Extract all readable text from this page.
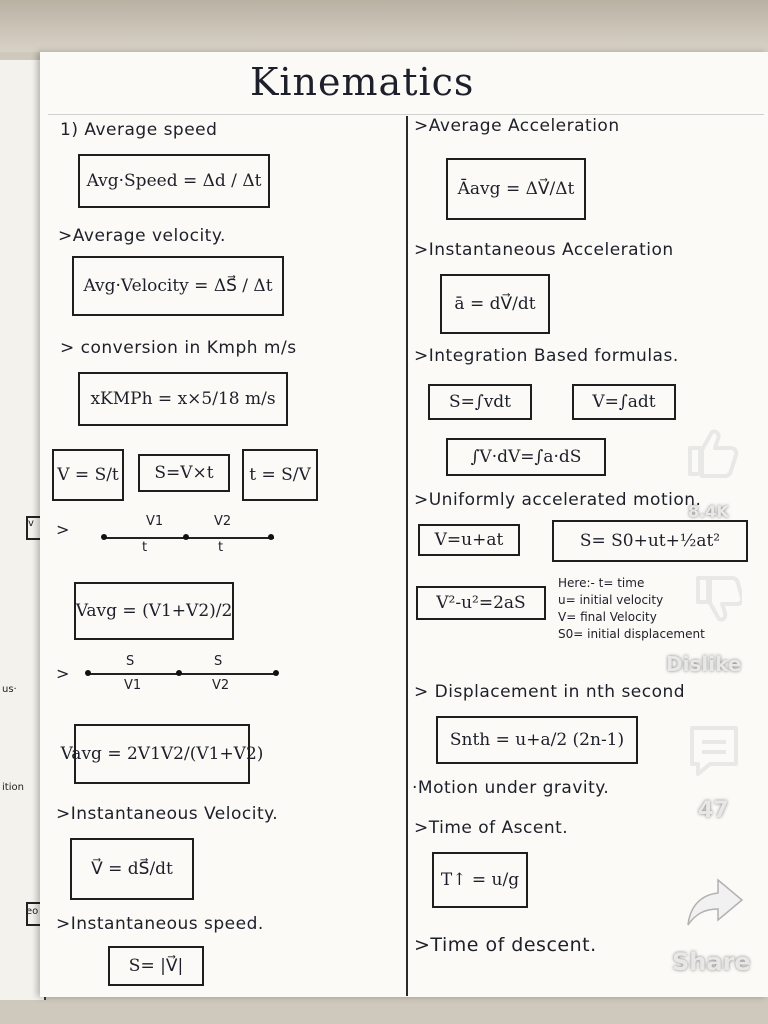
v
us·
ition
eo
Kinematics
1) Average speed
Avg·Speed = Δd / Δt
>Average velocity.
Avg·Velocity = ΔS⃗ / Δt
> conversion in Kmph m/s
xKMPh = x×5/18 m/s
V = S/t	S=V×t	t = S/V
>	V1	V2
t	t
Vavg = (V1+V2)/2
>
S	S
V1	V2
Vavg = 2V1V2/(V1+V2)
>Instantaneous Velocity.
V⃗ = dS⃗/dt
>Instantaneous speed.
S= |V⃗|
>Average Acceleration
Āavg = ΔV⃗/Δt
>Instantaneous Acceleration
ā = dV⃗/dt
>Integration Based formulas.
S=∫vdt	V=∫adt
∫V·dV=∫a·dS
>Uniformly accelerated motion.
V=u+at	S= S0+ut+½at²
V²-u²=2aS
Here:- t= time
u= initial velocity
V= final Velocity
S0= initial displacement
> Displacement in nth second
Snth = u+a/2 (2n-1)
·Motion under gravity.
>Time of Ascent.
T↑ = u/g
>Time of descent.
8.4K
Dislike
47
Share
